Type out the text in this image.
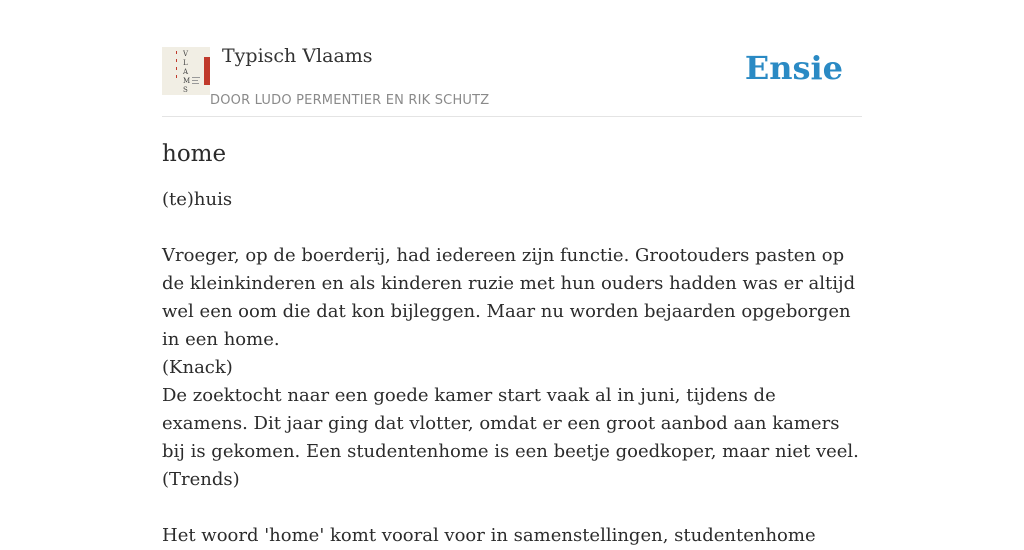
V
L
A
M
S
Typisch Vlaams
DOOR LUDO PERMENTIER EN RIK SCHUTZ
Ensie
home

(te)huis

Vroeger, op de boerderij, had iedereen zijn functie. Grootouders pasten op de kleinkinderen en als kinderen ruzie met hun ouders hadden was er altijd wel een oom die dat kon bijleggen. Maar nu worden bejaarden opgeborgen in een home.

(Knack)

De zoektocht naar een goede kamer start vaak al in juni, tijdens de examens. Dit jaar ging dat vlotter, omdat er een groot aanbod aan kamers bij is gekomen. Een studentenhome is een beetje goedkoper, maar niet veel.

(Trends)

Het woord 'home' komt vooral voor in samenstellingen, studentenhome
